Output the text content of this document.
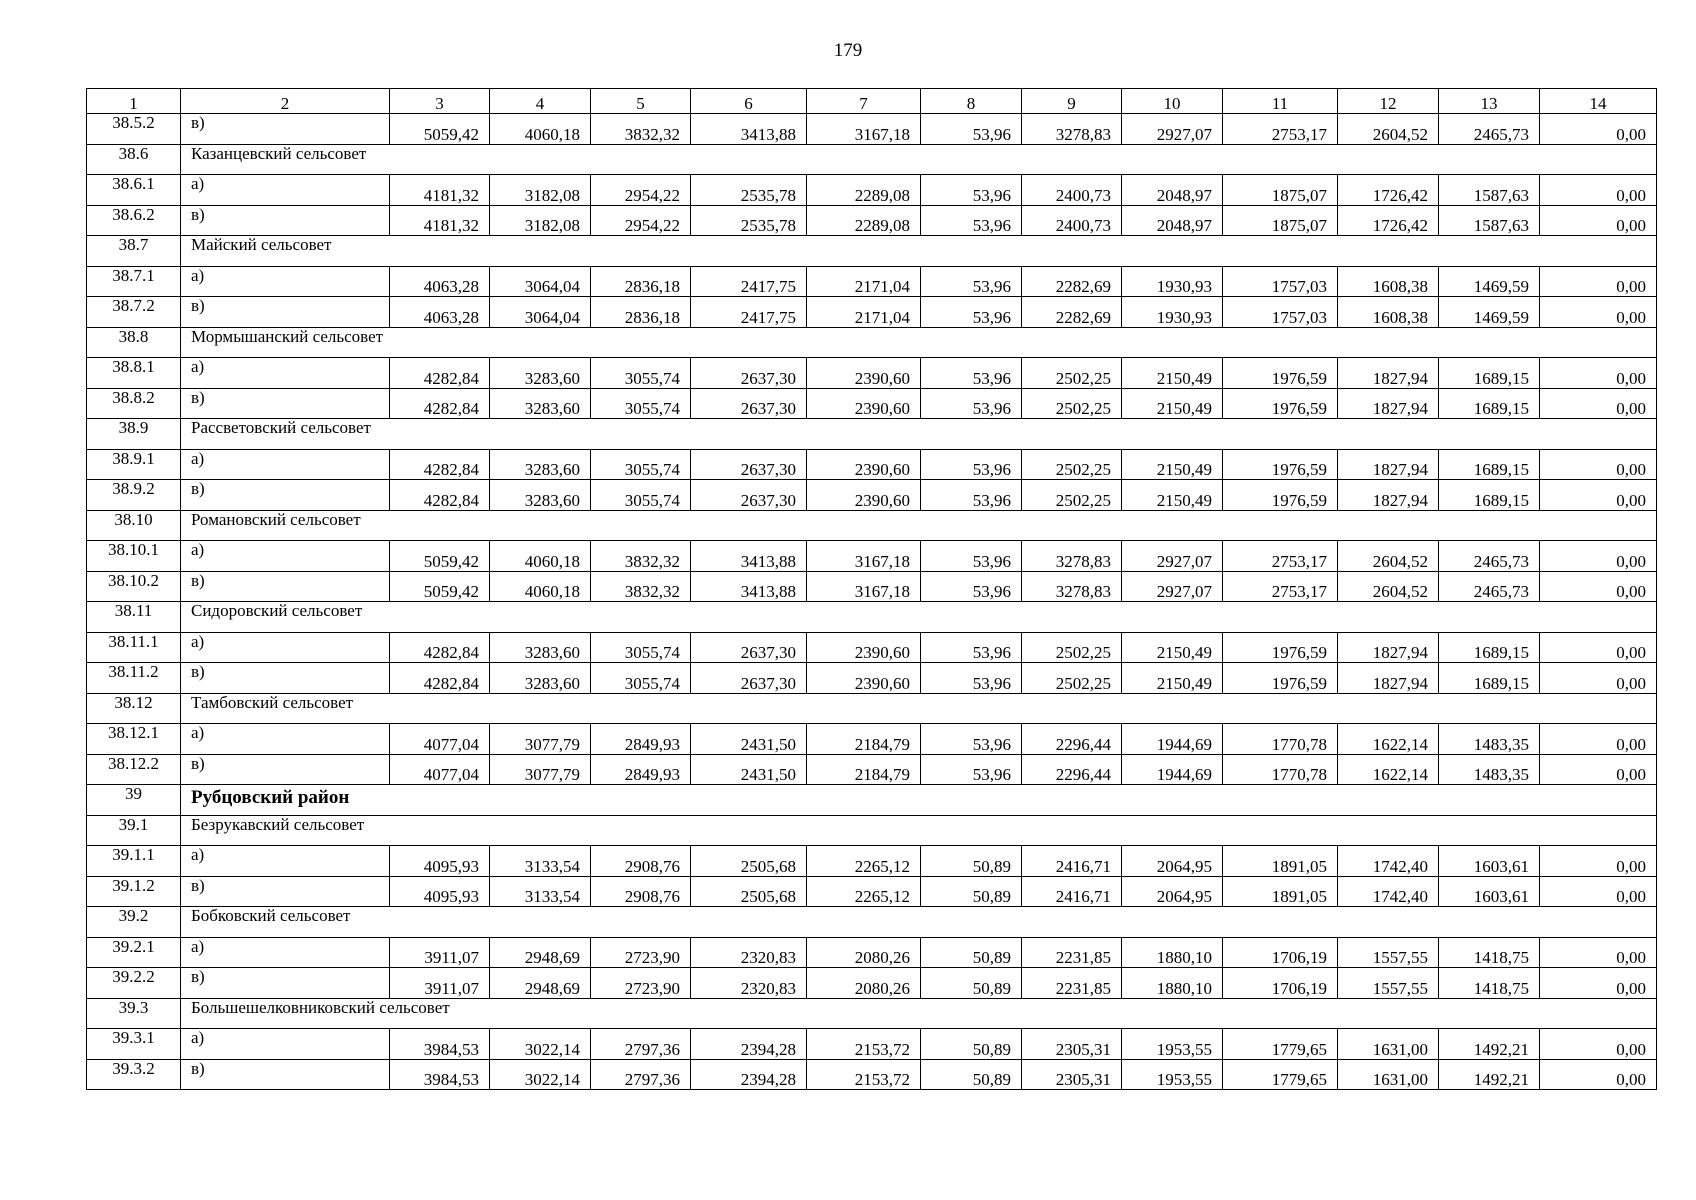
179
1	2	3	4	5	6	7	8	9	10	11	12	13	14
38.5.2	в)	5059,42	4060,18	3832,32	3413,88	3167,18	53,96	3278,83	2927,07	2753,17	2604,52	2465,73	0,00
38.6	Казанцевский сельсовет												
38.6.1	а)	4181,32	3182,08	2954,22	2535,78	2289,08	53,96	2400,73	2048,97	1875,07	1726,42	1587,63	0,00
38.6.2	в)	4181,32	3182,08	2954,22	2535,78	2289,08	53,96	2400,73	2048,97	1875,07	1726,42	1587,63	0,00
38.7	Майский сельсовет												
38.7.1	а)	4063,28	3064,04	2836,18	2417,75	2171,04	53,96	2282,69	1930,93	1757,03	1608,38	1469,59	0,00
38.7.2	в)	4063,28	3064,04	2836,18	2417,75	2171,04	53,96	2282,69	1930,93	1757,03	1608,38	1469,59	0,00
38.8	Мормышанский сельсовет												
38.8.1	а)	4282,84	3283,60	3055,74	2637,30	2390,60	53,96	2502,25	2150,49	1976,59	1827,94	1689,15	0,00
38.8.2	в)	4282,84	3283,60	3055,74	2637,30	2390,60	53,96	2502,25	2150,49	1976,59	1827,94	1689,15	0,00
38.9	Рассветовский сельсовет												
38.9.1	а)	4282,84	3283,60	3055,74	2637,30	2390,60	53,96	2502,25	2150,49	1976,59	1827,94	1689,15	0,00
38.9.2	в)	4282,84	3283,60	3055,74	2637,30	2390,60	53,96	2502,25	2150,49	1976,59	1827,94	1689,15	0,00
38.10	Романовский сельсовет												
38.10.1	а)	5059,42	4060,18	3832,32	3413,88	3167,18	53,96	3278,83	2927,07	2753,17	2604,52	2465,73	0,00
38.10.2	в)	5059,42	4060,18	3832,32	3413,88	3167,18	53,96	3278,83	2927,07	2753,17	2604,52	2465,73	0,00
38.11	Сидоровский сельсовет												
38.11.1	а)	4282,84	3283,60	3055,74	2637,30	2390,60	53,96	2502,25	2150,49	1976,59	1827,94	1689,15	0,00
38.11.2	в)	4282,84	3283,60	3055,74	2637,30	2390,60	53,96	2502,25	2150,49	1976,59	1827,94	1689,15	0,00
38.12	Тамбовский сельсовет												
38.12.1	а)	4077,04	3077,79	2849,93	2431,50	2184,79	53,96	2296,44	1944,69	1770,78	1622,14	1483,35	0,00
38.12.2	в)	4077,04	3077,79	2849,93	2431,50	2184,79	53,96	2296,44	1944,69	1770,78	1622,14	1483,35	0,00
39	Рубцовский район												
39.1	Безрукавский сельсовет												
39.1.1	а)	4095,93	3133,54	2908,76	2505,68	2265,12	50,89	2416,71	2064,95	1891,05	1742,40	1603,61	0,00
39.1.2	в)	4095,93	3133,54	2908,76	2505,68	2265,12	50,89	2416,71	2064,95	1891,05	1742,40	1603,61	0,00
39.2	Бобковский сельсовет												
39.2.1	а)	3911,07	2948,69	2723,90	2320,83	2080,26	50,89	2231,85	1880,10	1706,19	1557,55	1418,75	0,00
39.2.2	в)	3911,07	2948,69	2723,90	2320,83	2080,26	50,89	2231,85	1880,10	1706,19	1557,55	1418,75	0,00
39.3	Большешелковниковский сельсовет												
39.3.1	а)	3984,53	3022,14	2797,36	2394,28	2153,72	50,89	2305,31	1953,55	1779,65	1631,00	1492,21	0,00
39.3.2	в)	3984,53	3022,14	2797,36	2394,28	2153,72	50,89	2305,31	1953,55	1779,65	1631,00	1492,21	0,00
